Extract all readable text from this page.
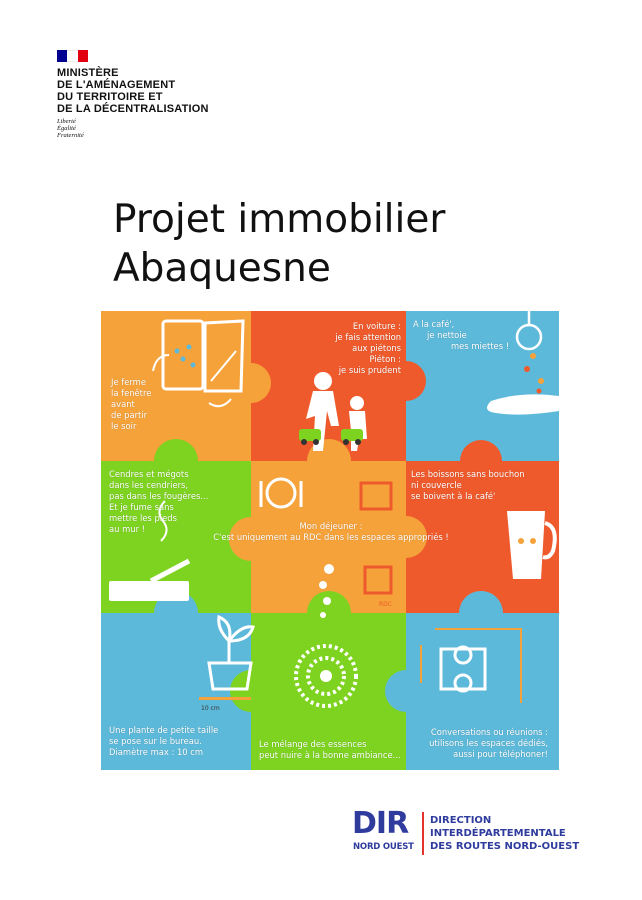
MINISTÈRE
DE L'AMÉNAGEMENT
DU TERRITOIRE ET
DE LA DÉCENTRALISATION
Liberté
Égalité
Fraternité
Projet immobilier
Abaquesne
Je ferme
la fenêtre
avant
de partir
le soir
En voiture :
je fais attention
aux piétons
Piéton :
je suis prudent
A la café',
je nettoie
mes miettes !
Cendres et mégots
dans les cendriers,
pas dans les fougères...
Et je fume sans
mettre les pieds
au mur !	Mon déjeuner :
C'est uniquement au RDC dans les espaces appropriés !
Les boissons sans bouchon
ni couvercle
se boivent à la café'
Une plante de petite taille
se pose sur le bureau.
Diamètre max : 10 cm
Le mélange des essences
peut nuire à la bonne ambiance...
Conversations ou réunions :
utilisons les espaces dédiés,
aussi pour téléphoner!
RDC
10 cm
DIR
NORD OUEST
DIRECTION
INTERDÉPARTEMENTALE
DES ROUTES NORD-OUEST
